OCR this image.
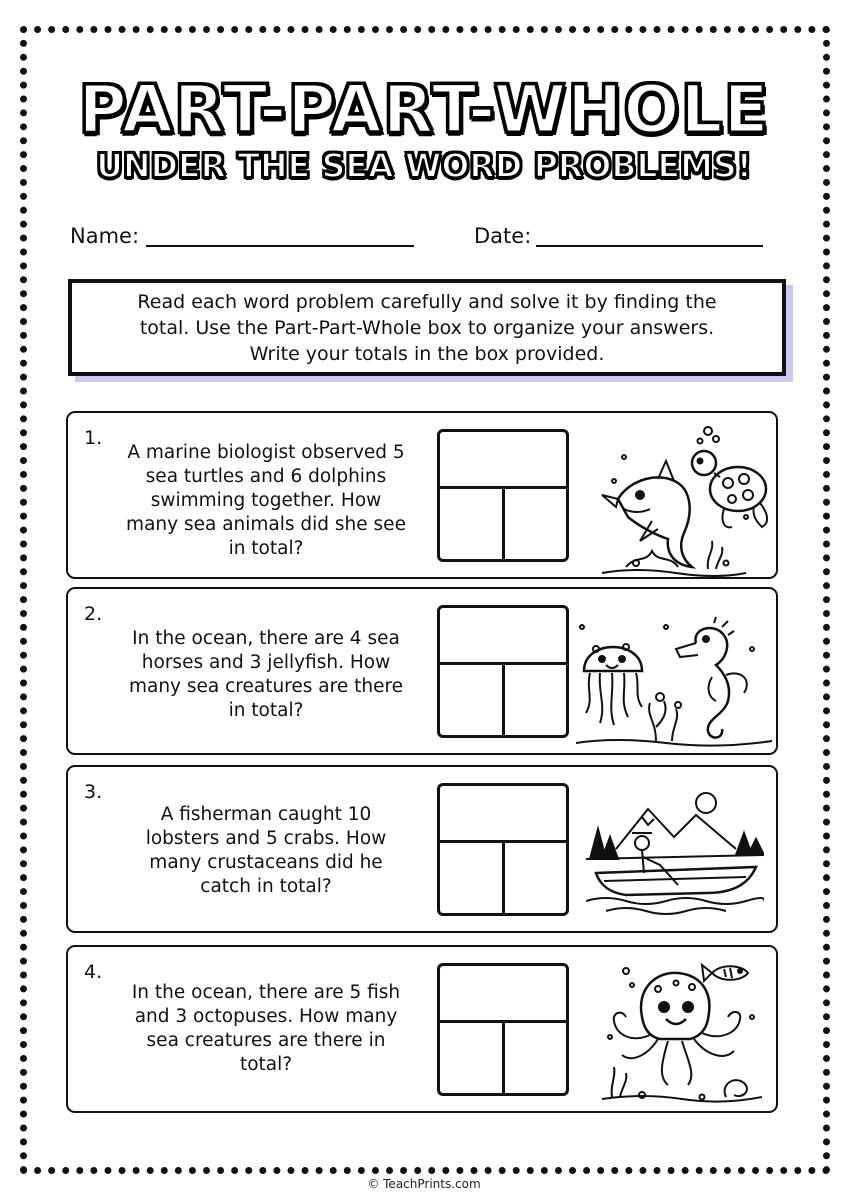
PART-PART-WHOLE
UNDER THE SEA WORD PROBLEMS!
Name:	Date:
Read each word problem carefully and solve it by finding the
total. Use the Part-Part-Whole box to organize your answers.
Write your totals in the box provided.
1.
A marine biologist observed 5
sea turtles and 6 dolphins
swimming together. How
many sea animals did she see
in total?
2.
In the ocean, there are 4 sea
horses and 3 jellyfish. How
many sea creatures are there
in total?
3.
A fisherman caught 10
lobsters and 5 crabs. How
many crustaceans did he
catch in total?
4.
In the ocean, there are 5 fish
and 3 octopuses. How many
sea creatures are there in
total?
© TeachPrints.com
